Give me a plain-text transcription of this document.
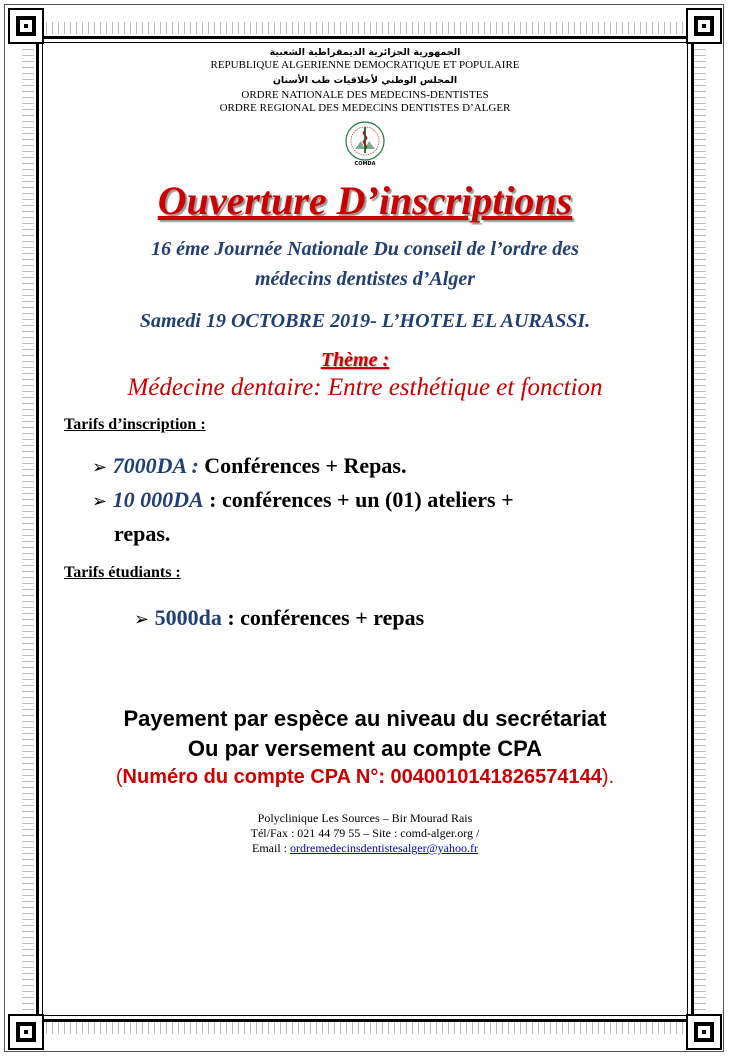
الجمهورية الجزائرية الديمقراطية الشعبية
REPUBLIQUE ALGERIENNE DEMOCRATIQUE ET POPULAIRE
المجلس الوطني لأخلاقيات طب الأسنان
ORDRE NATIONALE DES MEDECINS-DENTISTES
ORDRE REGIONAL DES MEDECINS DENTISTES D’ALGER
COMDA
Ouverture D’inscriptions
16 éme Journée Nationale Du conseil de l’ordre des
médecins dentistes d’Alger
Samedi 19 OCTOBRE 2019- L’HOTEL EL AURASSI.
Thème :
Médecine dentaire: Entre esthétique et fonction
Tarifs d’inscription :
➢ 7000DA : Conférences + Repas.
➢ 10 000DA : conférences + un (01) ateliers +
repas.
Tarifs étudiants :
➢ 5000da : conférences + repas
Payement par espèce au niveau du secrétariat
Ou par versement au compte CPA
(Numéro du compte CPA N°: 0040010141826574144).
Polyclinique Les Sources – Bir Mourad Rais
Tél/Fax : 021 44 79 55 – Site : comd-alger.org /
Email : ordremedecinsdentistesalger@yahoo.fr
